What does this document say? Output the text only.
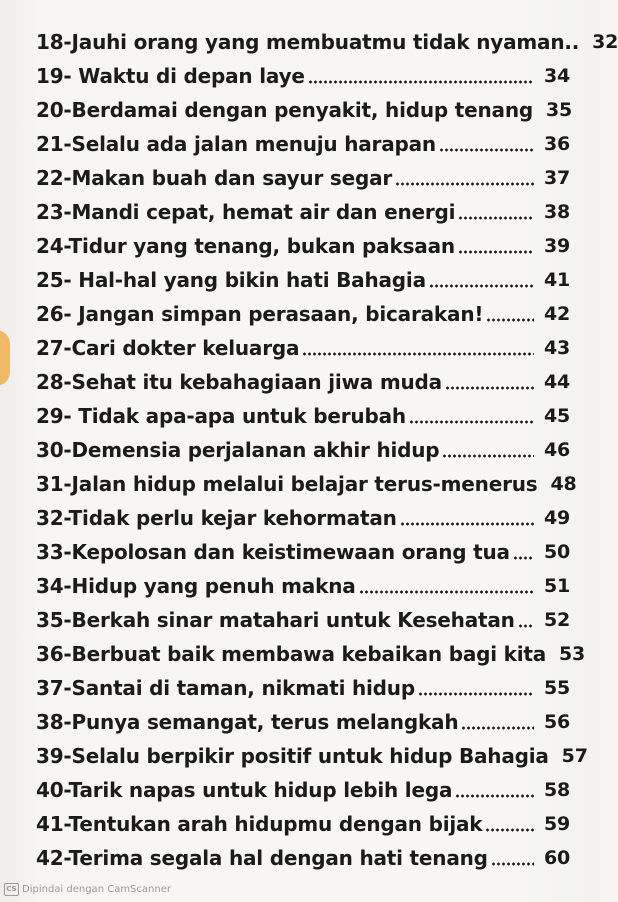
18-Jauhi orang yang membuatmu tidak nyaman.. 32
19- Waktu di depan laye	34
20-Berdamai dengan penyakit, hidup tenang 35
21-Selalu ada jalan menuju harapan	36
22-Makan buah dan sayur segar	37
23-Mandi cepat, hemat air dan energi	38
24-Tidur yang tenang, bukan paksaan	39
25- Hal-hal yang bikin hati Bahagia	41
26- Jangan simpan perasaan, bicarakan!	42
27-Cari dokter keluarga	43
28-Sehat itu kebahagiaan jiwa muda	44
29- Tidak apa-apa untuk berubah	45
30-Demensia perjalanan akhir hidup	46
31-Jalan hidup melalui belajar terus-menerus 48
32-Tidak perlu kejar kehormatan	49
33-Kepolosan dan keistimewaan orang tua 50
34-Hidup yang penuh makna	51
35-Berkah sinar matahari untuk Kesehatan 52
36-Berbuat baik membawa kebaikan bagi kita 53
37-Santai di taman, nikmati hidup	55
38-Punya semangat, terus melangkah	56
39-Selalu berpikir positif untuk hidup Bahagia 57
40-Tarik napas untuk hidup lebih lega	58
41-Tentukan arah hidupmu dengan bijak	59
42-Terima segala hal dengan hati tenang	60
CS Dipindai dengan CamScanner
